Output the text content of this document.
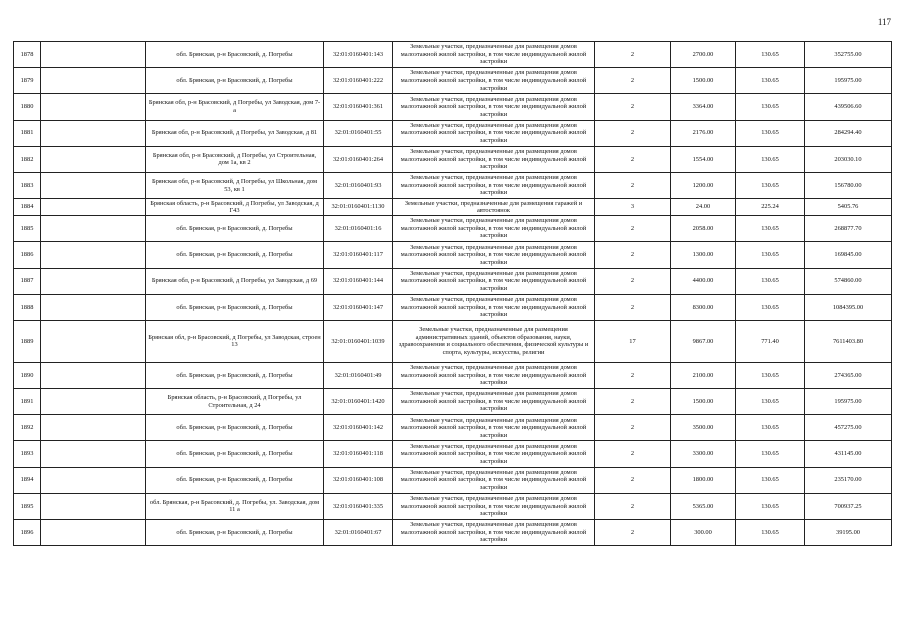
117
1878		обл. Брянская, р-н Брасовский, д. Погребы	32:01:0160401:143	Земельные участки, предназначенные для размещения домов малоэтажной жилой застройки, в том числе индивидуальной жилой застройки	2	2700.00	130.65	352755.00
1879		обл. Брянская, р-н Брасовский, д. Погребы	32:01:0160401:222	Земельные участки, предназначенные для размещения домов малоэтажной жилой застройки, в том числе индивидуальной жилой застройки	2	1500.00	130.65	195975.00
1880		Брянская обл, р-н Брасовский, д Погребы, ул Заводская, дом 7-а	32:01:0160401:361	Земельные участки, предназначенные для размещения домов малоэтажной жилой застройки, в том числе индивидуальной жилой застройки	2	3364.00	130.65	439506.60
1881		Брянская обл, р-н Брасовский, д Погребы, ул Заводская, д 81	32:01:0160401:55	Земельные участки, предназначенные для размещения домов малоэтажной жилой застройки, в том числе индивидуальной жилой застройки	2	2176.00	130.65	284294.40
1882		Брянская обл, р-н Брасовский, д Погребы, ул Строительная, дом 1а, кв 2	32:01:0160401:264	Земельные участки, предназначенные для размещения домов малоэтажной жилой застройки, в том числе индивидуальной жилой застройки	2	1554.00	130.65	203030.10
1883		Брянская обл, р-н Брасовский, д Погребы, ул Школьная, дом 53, кв 1	32:01:0160401:93	Земельные участки, предназначенные для размещения домов малоэтажной жилой застройки, в том числе индивидуальной жилой застройки	2	1200.00	130.65	156780.00
1884		Брянская область, р-н Брасовский, д Погребы, ул Заводская, д Г43	32:01:0160401:1130	Земельные участки, предназначенные для размещения гаражей и автостоянок	3	24.00	225.24	5405.76
1885		обл. Брянская, р-н Брасовский, д. Погребы	32:01:0160401:16	Земельные участки, предназначенные для размещения домов малоэтажной жилой застройки, в том числе индивидуальной жилой застройки	2	2058.00	130.65	268877.70
1886		обл. Брянская, р-н Брасовский, д. Погребы	32:01:0160401:117	Земельные участки, предназначенные для размещения домов малоэтажной жилой застройки, в том числе индивидуальной жилой застройки	2	1300.00	130.65	169845.00
1887		Брянская обл, р-н Брасовский, д Погребы, ул Заводская, д 69	32:01:0160401:144	Земельные участки, предназначенные для размещения домов малоэтажной жилой застройки, в том числе индивидуальной жилой застройки	2	4400.00	130.65	574860.00
1888		обл. Брянская, р-н Брасовский, д. Погребы	32:01:0160401:147	Земельные участки, предназначенные для размещения домов малоэтажной жилой застройки, в том числе индивидуальной жилой застройки	2	8300.00	130.65	1084395.00
1889		Брянская обл, р-н Брасовский, д Погребы, ул Заводская, строен 13	32:01:0160401:1039	Земельные участки, предназначенные для размещения административных зданий, объектов образования, науки, здравоохранения и социального обеспечения, физической культуры и спорта, культуры, искусства, религии	17	9867.00	771.40	7611403.80
1890		обл. Брянская, р-н Брасовский, д. Погребы	32:01:0160401:49	Земельные участки, предназначенные для размещения домов малоэтажной жилой застройки, в том числе индивидуальной жилой застройки	2	2100.00	130.65	274365.00
1891		Брянская область, р-н Брасовский, д Погребы, ул Строительная, д 24	32:01:0160401:1420	Земельные участки, предназначенные для размещения домов малоэтажной жилой застройки, в том числе индивидуальной жилой застройки	2	1500.00	130.65	195975.00
1892		обл. Брянская, р-н Брасовский, д. Погребы	32:01:0160401:142	Земельные участки, предназначенные для размещения домов малоэтажной жилой застройки, в том числе индивидуальной жилой застройки	2	3500.00	130.65	457275.00
1893		обл. Брянская, р-н Брасовский, д. Погребы	32:01:0160401:118	Земельные участки, предназначенные для размещения домов малоэтажной жилой застройки, в том числе индивидуальной жилой застройки	2	3300.00	130.65	431145.00
1894		обл. Брянская, р-н Брасовский, д. Погребы	32:01:0160401:108	Земельные участки, предназначенные для размещения домов малоэтажной жилой застройки, в том числе индивидуальной жилой застройки	2	1800.00	130.65	235170.00
1895		обл. Брянская, р-н Брасовский, д. Погребы, ул. Заводская, дом 11 а	32:01:0160401:335	Земельные участки, предназначенные для размещения домов малоэтажной жилой застройки, в том числе индивидуальной жилой застройки	2	5365.00	130.65	700937.25
1896		обл. Брянская, р-н Брасовский, д. Погребы	32:01:0160401:67	Земельные участки, предназначенные для размещения домов малоэтажной жилой застройки, в том числе индивидуальной жилой застройки	2	300.00	130.65	39195.00
